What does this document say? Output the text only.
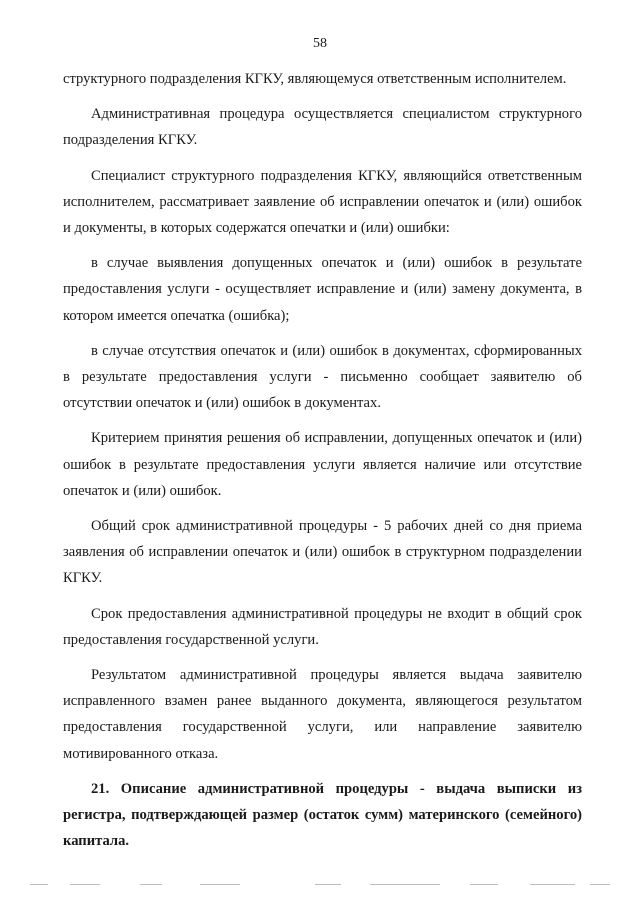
58

структурного подразделения КГКУ, являющемуся ответственным исполнителем.

Административная процедура осуществляется специалистом структурного подразделения КГКУ.

Специалист структурного подразделения КГКУ, являющийся ответственным исполнителем, рассматривает заявление об исправлении опечаток и (или) ошибок и документы, в которых содержатся опечатки и (или) ошибки:

в случае выявления допущенных опечаток и (или) ошибок в результате предоставления услуги - осуществляет исправление и (или) замену документа, в котором имеется опечатка (ошибка);

в случае отсутствия опечаток и (или) ошибок в документах, сформированных в результате предоставления услуги - письменно сообщает заявителю об отсутствии опечаток и (или) ошибок в документах.

Критерием принятия решения об исправлении, допущенных опечаток и (или) ошибок в результате предоставления услуги является наличие или отсутствие опечаток и (или) ошибок.

Общий срок административной процедуры - 5 рабочих дней со дня приема заявления об исправлении опечаток и (или) ошибок в структурном подразделении КГКУ.

Срок предоставления административной процедуры не входит в общий срок предоставления государственной услуги.

Результатом административной процедуры является выдача заявителю исправленного взамен ранее выданного документа, являющегося результатом предоставления государственной услуги, или направление заявителю мотивированного отказа.

21. Описание административной процедуры - выдача выписки из регистра, подтверждающей размер (остаток сумм) материнского (семейного) капитала.
